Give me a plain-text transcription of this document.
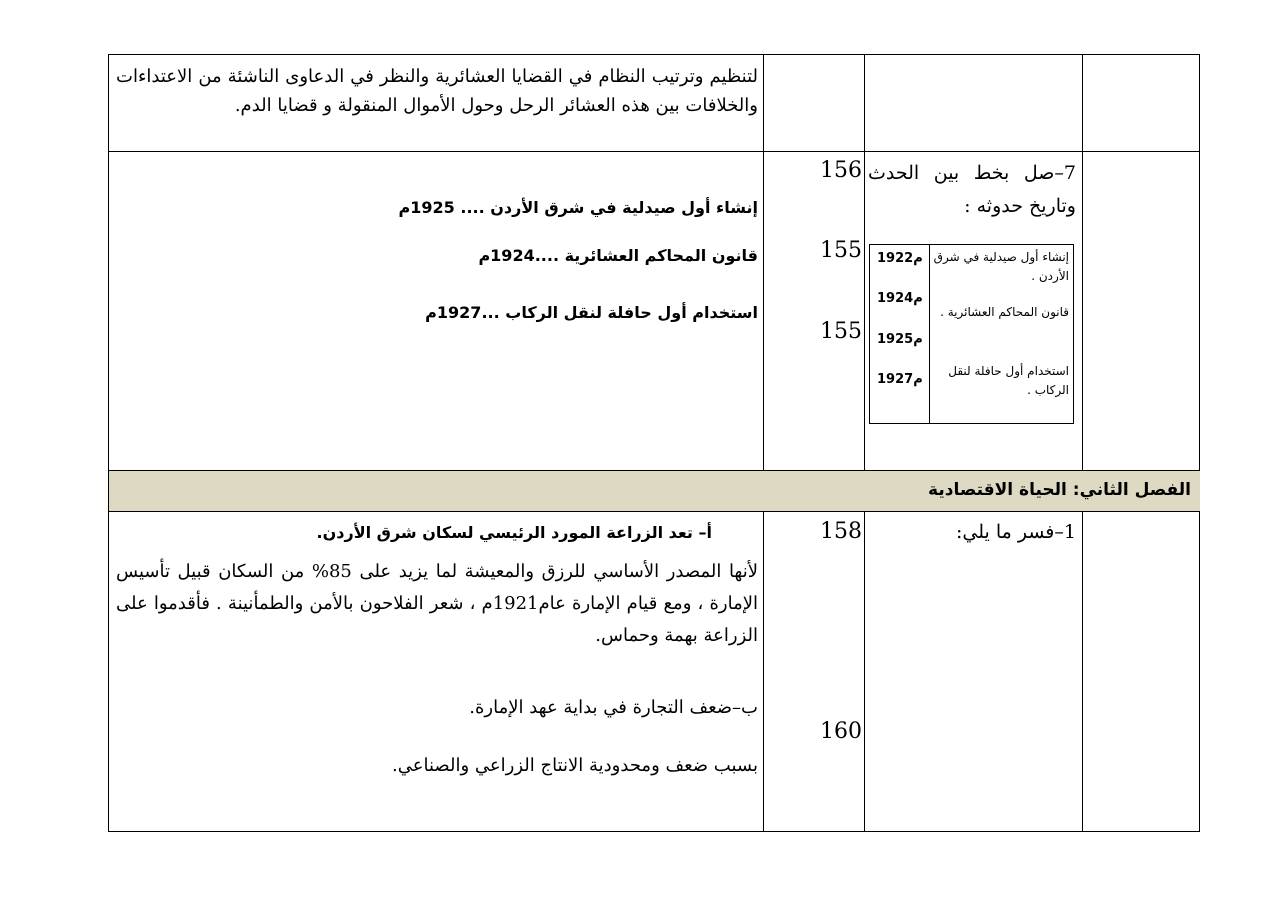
لتنظيم وترتيب النظام في القضايا العشائرية والنظر في الدعاوى الناشئة من الاعتداءات والخلافات بين هذه العشائر الرحل وحول الأموال المنقولة و قضايا الدم.
7–صل بخط بين الحدث وتاريخ حدوثه :
156
155
155
إنشاء أول صيدلية في شرق الأردن .... 1925م
قانون المحاكم العشائرية ....1924م
استخدام أول حافلة لنقل الركاب ...1927م
إنشاء أول صيدلية في شرق الأردن .
قانون المحاكم العشائرية .
استخدام أول حافلة لنقل الركاب .
1922م
1924م
1925م
1927م
الفصل الثاني: الحياة الاقتصادية
1–فسر ما يلي:
158
160
أ– تعد الزراعة المورد الرئيسي لسكان شرق الأردن.
لأنها المصدر الأساسي للرزق والمعيشة لما يزيد على 85% من السكان قبيل تأسيس الإمارة ، ومع قيام الإمارة عام1921م ، شعر الفلاحون بالأمن والطمأنينة . فأقدموا على الزراعة بهمة وحماس.
ب–ضعف التجارة في بداية عهد الإمارة.
بسبب ضعف ومحدودية الانتاج الزراعي والصناعي.
